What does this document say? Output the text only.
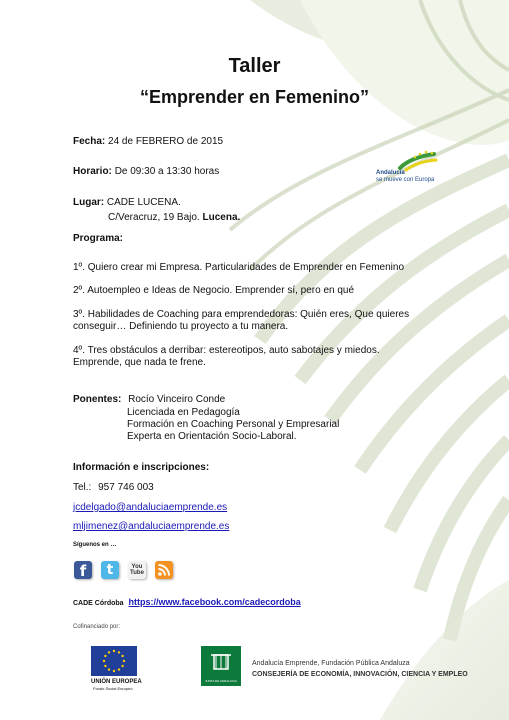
Taller
“Emprender en Femenino”
Fecha: 24 de FEBRERO de 2015
Horario: De 09:30 a 13:30 horas
Lugar: CADE LUCENA.
C/Veracruz, 19 Bajo. Lucena.
Andalucía
se mueve con Europa
Programa:
1º. Quiero crear mi Empresa. Particularidades de Emprender en Femenino
2º. Autoempleo e Ideas de Negocio. Emprender sí, pero en qué
3º. Habilidades de Coaching para emprendedoras: Quién eres, Que quieres
conseguir… Definiendo tu proyecto a tu manera.
4º. Tres obstáculos a derribar: estereotipos, auto sabotajes y miedos.
Emprende, que nada te frene.
Ponentes: Rocío Vinceiro Conde
Licenciada en Pedagogía
Formación en Coaching Personal y Empresarial
Experta en Orientación Socio-Laboral.
Información e inscripciones:
Tel.: 957 746 003
jcdelgado@andaluciaemprende.es
mljimenez@andaluciaemprende.es
Síguenos en …
f	t	You Tube
CADE Córdoba https://www.facebook.com/cadecordoba
Cofinanciado por:
UNIÓN EUROPEA
Fondo Social Europeo
JUNTA DE ANDALUCIA
Andalucía Emprende, Fundación Pública Andaluza
CONSEJERÍA DE ECONOMÍA, INNOVACIÓN, CIENCIA Y EMPLEO
